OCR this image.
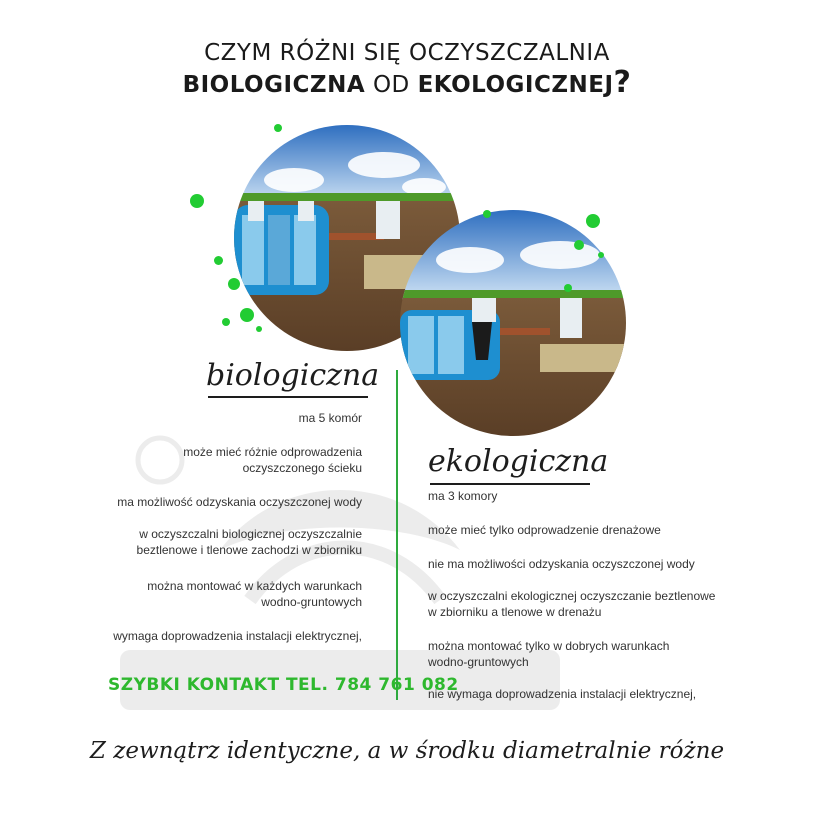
CZYM RÓŻNI SIĘ OCZYSZCZALNIA
BIOLOGICZNA OD EKOLOGICZNEJ?
biologiczna
ekologiczna
ma 5 komór
może mieć różnie odprowadzenia
oczyszczonego ścieku
ma możliwość odzyskania oczyszczonej wody
w oczyszczalni biologicznej oczyszczalnie
beztlenowe i tlenowe zachodzi w zbiorniku
można montować w każdych warunkach
wodno-gruntowych
wymaga doprowadzenia instalacji elektrycznej,
ma 3 komory
może mieć tylko odprowadzenie drenażowe
nie ma możliwości odzyskania oczyszczonej wody
w oczyszczalni ekologicznej oczyszczanie beztlenowe
w zbiorniku a tlenowe w drenażu
można montować tylko w dobrych warunkach
wodno-gruntowych
nie wymaga doprowadzenia instalacji elektrycznej,
SZYBKI KONTAKT TEL. 784 761 082
Z zewnątrz identyczne, a w środku diametralnie różne
